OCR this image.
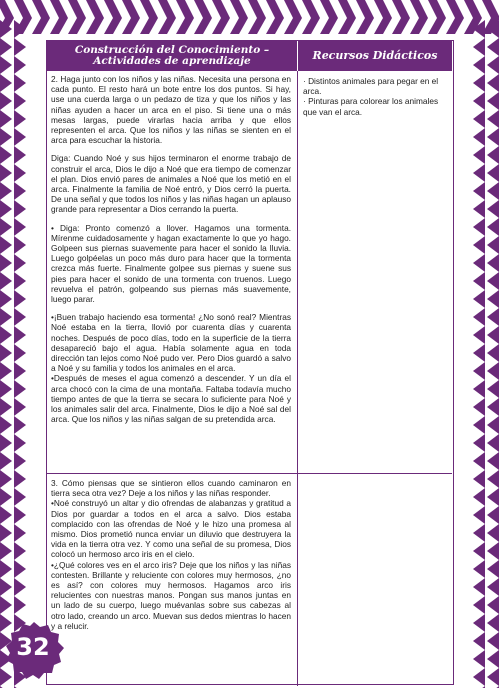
Construcción del Conocimiento –
Actividades de aprendizaje	Recursos Didácticos

2. Haga junto con los niños y las niñas. Necesita una persona en cada punto. El resto hará un bote entre los dos puntos. Si hay, use una cuerda larga o un pedazo de tiza y que los niños y las niñas ayuden a hacer un arca en el piso. Si tiene una o más mesas largas, puede virarlas hacia arriba y que ellos representen el arca. Que los niños y las niñas se sienten en el arca para escuchar la historia.

Diga: Cuando Noé y sus hijos terminaron el enorme trabajo de construir el arca, Dios le dijo a Noé que era tiempo de comenzar el plan. Dios envió pares de animales a Noé que los metió en el arca. Finalmente la familia de Noé entró, y Dios cerró la puerta. De una señal y que todos los niños y las niñas hagan un aplauso grande para representar a Dios cerrando la puerta.

• Diga: Pronto comenzó a llover. Hagamos una tormenta. Mírenme cuidadosamente y hagan exactamente lo que yo hago. Golpeen sus piernas suavemente para hacer el sonido la lluvia. Luego golpéelas un poco más duro para hacer que la tormenta crezca más fuerte. Finalmente golpee sus piernas y suene sus pies para hacer el sonido de una tormenta con truenos. Luego revuelva el patrón, golpeando sus piernas más suavemente, luego parar.

•¡Buen trabajo haciendo esa tormenta! ¿No sonó real? Mientras Noé estaba en la tierra, llovió por cuarenta días y cuarenta noches. Después de poco días, todo en la superficie de la tierra desapareció bajo el agua. Había solamente agua en toda dirección tan lejos como Noé pudo ver. Pero Dios guardó a salvo a Noé y su familia y todos los animales en el arca.

•Después de meses el agua comenzó a descender. Y un día el arca chocó con la cima de una montaña. Faltaba todavía mucho tiempo antes de que la tierra se secara lo suficiente para Noé y los animales salir del arca. Finalmente, Dios le dijo a Noé sal del arca. Que los niños y las niñas salgan de su pretendida arca.

· Distintos animales para pegar en el arca.

· Pinturas para colorear los animales que van el arca.

3. Cómo piensas que se sintieron ellos cuando caminaron en tierra seca otra vez? Deje a los niños y las niñas responder.

•Noé construyó un altar y dio ofrendas de alabanzas y gratitud a Dios por guardar a todos en el arca a salvo. Dios estaba complacido con las ofrendas de Noé y le hizo una promesa al mismo. Dios prometió nunca enviar un diluvio que destruyera la vida en la tierra otra vez. Y como una señal de su promesa, Dios colocó un hermoso arco iris en el cielo.

•¿Qué colores ves en el arco iris? Deje que los niños y las niñas contesten. Brillante y reluciente con colores muy hermosos, ¿no es así? con colores muy hermosos. Hagamos arco iris relucientes con nuestras manos. Pongan sus manos juntas en un lado de su cuerpo, luego muévanlas sobre sus cabezas al otro lado, creando un arco. Muevan sus dedos mientras lo hacen y a relucir.

32
